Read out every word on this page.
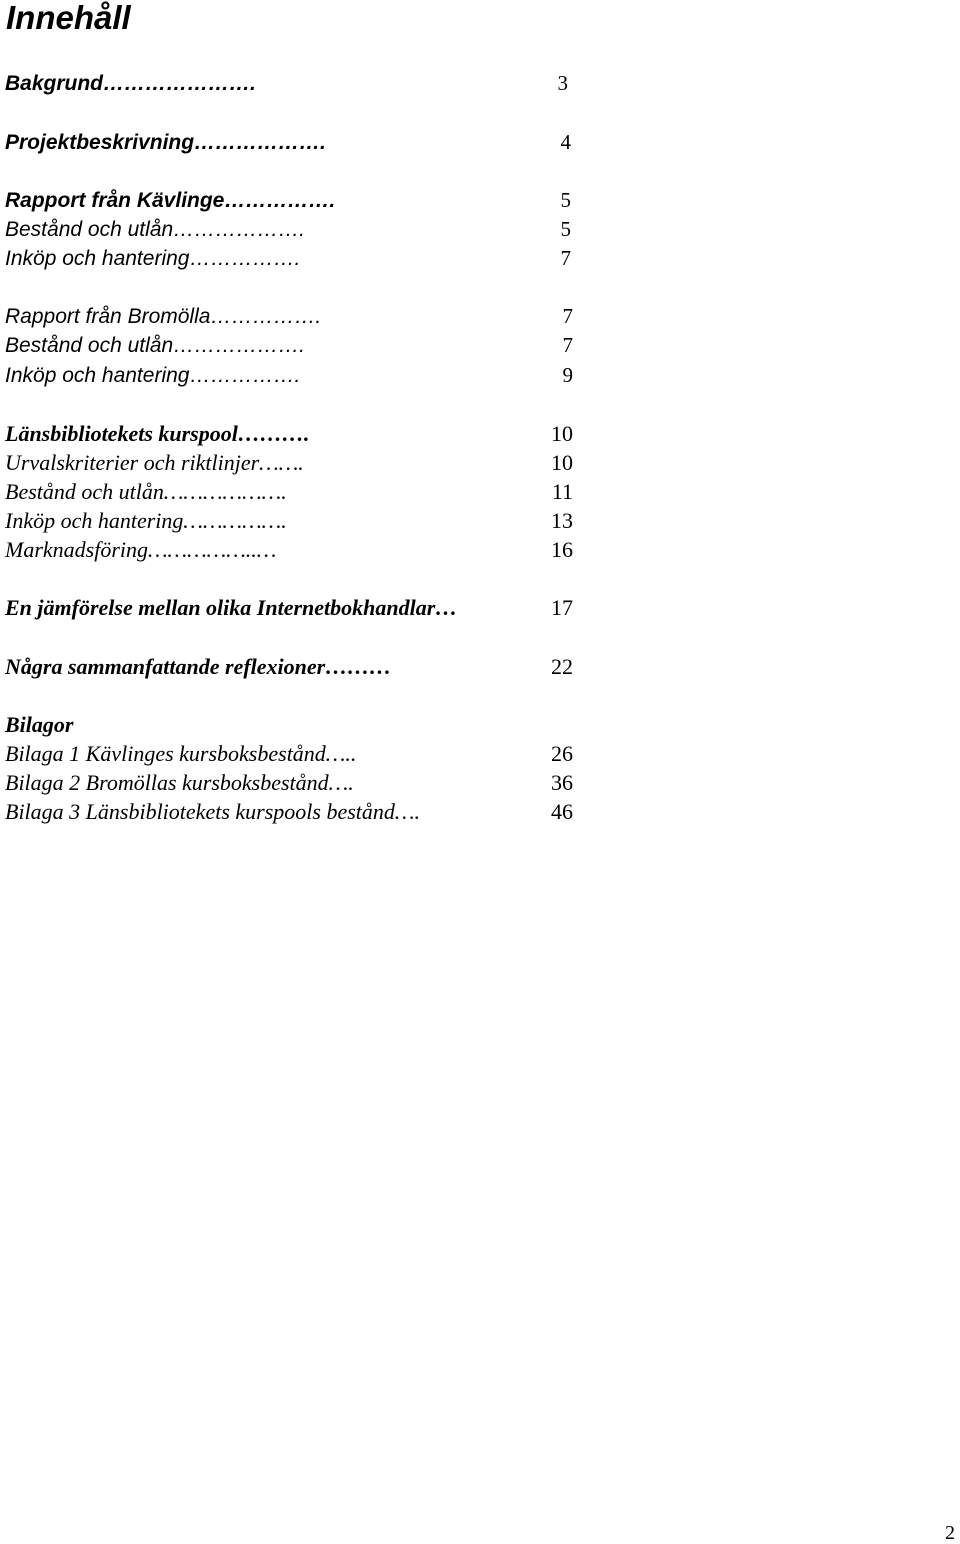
Innehåll
Bakgrund………………….	3
Projektbeskrivning……………….	4
Rapport från Kävlinge…………….	5
Bestånd och utlån……………….	5
Inköp och hantering…………….	7
Rapport från Bromölla…………….	7
Bestånd och utlån……………….	7
Inköp och hantering…………….	9
Länsbibliotekets kurspool……….	10
Urvalskriterier och riktlinjer…….	10
Bestånd och utlån……………….	11
Inköp och hantering…………….	13
Marknadsföring……………..…	16
En jämförelse mellan olika Internetbokhandlar…	17
Några sammanfattande reflexioner………	22
Bilagor
Bilaga 1 Kävlinges kursboksbestånd…..	26
Bilaga 2 Bromöllas kursboksbestånd….	36
Bilaga 3 Länsbibliotekets kurspools bestånd….	46
2
